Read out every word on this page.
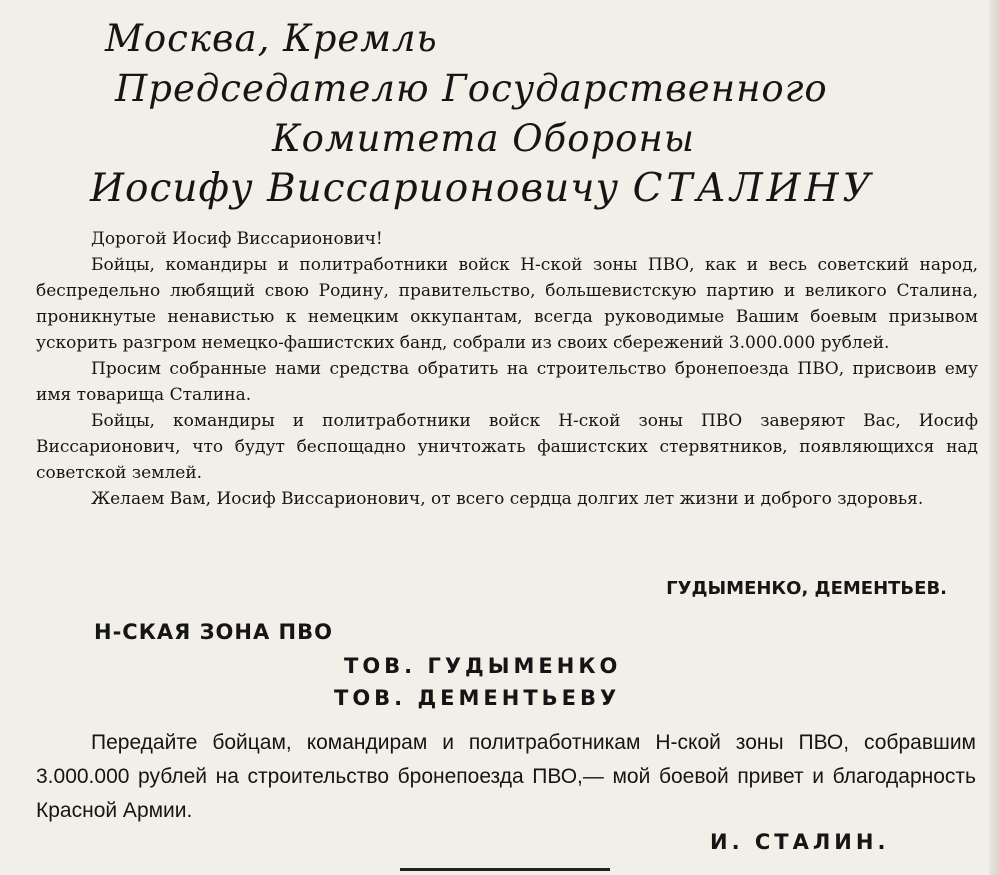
Москва, Кремль
Председателю Государственного
Комитета Обороны
Иосифу Виссарионовичу СТАЛИНУ

Дорогой Иосиф Виссарионович!

Бойцы, командиры и политработники войск Н-ской зоны ПВО, как и весь советский народ, беспредельно любящий свою Родину, правительство, большевистскую партию и великого Сталина, проникнутые ненавистью к немецким оккупантам, всегда руководимые Вашим боевым призывом ускорить разгром немецко-фашистских банд, собрали из своих сбережений 3.000.000 рублей.

Просим собранные нами средства обратить на строительство бронепоезда ПВО, присвоив ему имя товарища Сталина.

Бойцы, командиры и политработники войск Н-ской зоны ПВО заверяют Вас, Иосиф Виссарионович, что будут беспощадно уничтожать фашистских стервятников, появляющихся над советской землей.

Желаем Вам, Иосиф Виссарионович, от всего сердца долгих лет жизни и доброго здоровья.

ГУДЫМЕНКО, ДЕМЕНТЬЕВ.
Н-СКАЯ ЗОНА ПВО
ТОВ. ГУДЫМЕНКО
ТОВ. ДЕМЕНТЬЕВУ

Передайте бойцам, командирам и политработникам Н-ской зоны ПВО, собравшим 3.000.000 рублей на строительство бронепоезда ПВО,— мой боевой привет и благодарность Красной Армии.

И. СТАЛИН.
